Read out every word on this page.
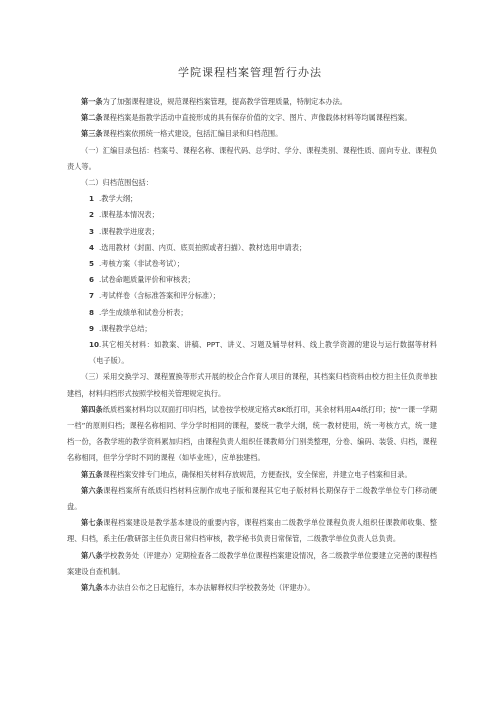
学院课程档案管理暂行办法

第一条为了加强课程建设，规范课程档案管理，提高教学管理质量，特制定本办法。

第二条课程档案是指教学活动中直接形成的具有保存价值的文字、图片、声像载体材料等均属课程档案。

第三条课程档案依照统一格式建设，包括汇编目录和归档范围。

（一）汇编目录包括：档案号、课程名称、课程代码、总学时、学分、课程类别、课程性质、面向专业、课程负责人等。

（二）归档范围包括：

1 .教学大纲；

2 .课程基本情况表；

3 .课程教学进度表；

4 .选用教材（封面、内页、底页拍照或者扫描）、教材选用申请表；

5 .考核方案（非试卷考试）；

6 .试卷命题质量评价和审核表；

7 .考试样卷（含标准答案和评分标准）；

8 .学生成绩单和试卷分析表；

9 .课程教学总结；

10.其它相关材料：如教案、讲稿、PPT、讲义、习题及辅导材料、线上教学资源的建设与运行数据等材料（电子版）。

（三）采用交换学习、课程置换等形式开展的校企合作育人项目的课程，其档案归档资料由校方担主任负责单独建档，材料归档形式按照学校相关管理规定执行。

第四条纸质档案材料均以双面打印归档，试卷按学校规定格式8K纸打印，其余材料用A4纸打印；按“一课一学期一档”的原则归档；课程名称相同、学分学时相同的课程，要统一教学大纲，统一教材使用，统一考核方式，统一建档一份，各教学班的教学资料累加归档，由课程负责人组织任课教师分门别类整理，分卷、编码、装袋、归档，课程名称相同，但学分学时不同的课程（如毕业班），应单独建档。

第五条课程档案安排专门地点，确保相关材料存放规范，方便查找，安全保密，并建立电子档案和目录。

第六条课程档案所有纸质归档材料应制作成电子版和课程其它电子版材料长期保存于二级教学单位专门移动硬盘。

第七条课程档案建设是教学基本建设的重要内容，课程档案由二级教学单位课程负责人组织任课教师收集、整理、归档，系主任/教研部主任负责日常归档审核，教学秘书负责日常保管，二级教学单位负责人总负责。

第八条学校教务处（评建办）定期检查各二级教学单位课程档案建设情况，各二级教学单位要建立完善的课程档案建设自查机制。

第九条本办法自公布之日起施行，本办法解释权归学校教务处（评建办）。
